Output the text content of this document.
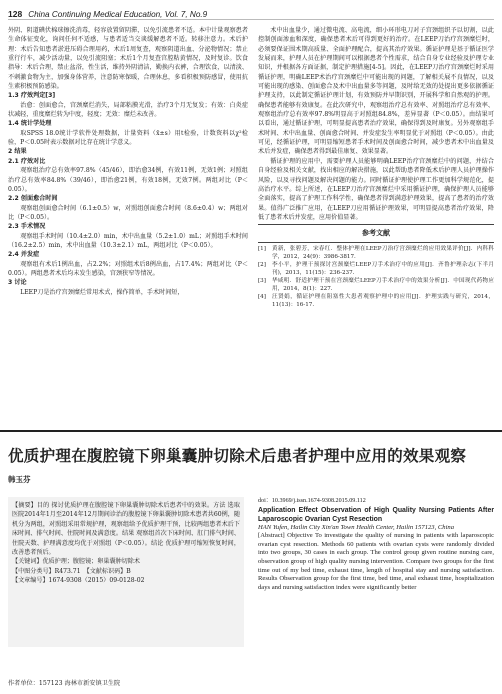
128 China Continuing Medical Education, Vol. 7, No.9

外阴、阴道碘伏棉球擦洗消毒，轻容放置留阴滞，以免引流患者不适。本中计量观察患者生命体征变化，询问任何不适感，与患者适当交谈缓解患者不适。转移注意力。术后护理：术后告知患者淤进压碍合理用药，术后1周复查，观察阴道出血、分泌物情况；禁止重行行车，减少活动量，以免引流阻塞；术后1个月复查宫腔粘黄情况，及时复诊。饮食指导：术后合理，禁止盆浴，性生活，维持外阴清洁，勤换内衣裤，合理饮食，以清淡、不刺激食物为主，加强身体营养，注意防寒保暖，合理休息，多看积极预防感冒，使用抗生素积极预防感染。

1.3 疗效判定[3]

治愈：创面愈合，宫颈糜烂消失，局部粘膜光滑，治疗3个月无复发；有效：白炎症状减轻，重度糜烂转为中度，轻度；无效：糜烂未改善。

1.4 统计学处理

取SPSS 18.0统计学软件处理数据，计量资料（x̄±s）用t检验，计数资料以χ²检验，P＜0.05时表示数据对比存在统计学意义。

2 结果

2.1 疗效对比

观察组治疗总有效率97.8%（45/46），即治愈34例，有效11例，无效1例；对照组治疗总有效率84.8%（39/46），即治愈21例，有效18例，无效7例。两组对比（P＜0.05）。

2.2 创面愈合时间

观察组创面愈合时间（6.1±0.5）w，对照组创面愈合时间（8.6±0.4）w；两组对比（P＜0.05）。

2.3 手术情况

观察组手术时间（10.4±2.0）min，术中出血量（5.2±1.0）mL；对照组手术时间（16.2±2.5）min，术中出血量（10.3±2.1）mL，两组对比（P＜0.05）。

2.4 并发症

观察组有术后1例出血，占2.2%；对照组术后8例出血，占17.4%；两组对比（P＜0.05）。两组患者术后均未发生感染，宫颈狭窄等情况。

3 讨论

LEEP刀是治疗宫颈糜烂常用术式，操作简单，手术时间短，

术中出血量少，通过微电流、高电流，细小环形电刀对子宫颈组织予以切割，以此控制创面渗血和深度，确保患者术后可得到更好的治疗。在LEEP刀治疗宫颈糜烂时，必须要保证围术期高质量、全面护理配合，提高其治疗效果。循证护理是基于循证医学发展而来，护理人员在护理期间可以根据患者个性需求，结合自身专业经验及护理专业知识，并根据各方面证据，制定护理措施[4-5]。因此，在LEEP刀治疗宫颈糜烂时采用循证护理，明确LEEP术治疗宫颈糜烂中可能出现的问题，了解相关展不良情况，以及可能出现的感染、创面愈合及术中出血量多等问题，及时给无效的处提出更多依据循证护理支持，以此制定循证护理计划，有效预防并早期识别，开展科学和自然观的护理。确保患者能够有效康复。在此次研究中，观察组治疗总有效率、对照组治疗总有效率、观察组治疗总有效率97.8%明显高于对照组84.8%，差异显著（P＜0.05）。由结果可以看出，通过循证护理，可明显提高患者治疗效果，确保得到及时康复。另外观察组手术时间、术中出血量、创面愈合时间、并发症发生率明显优于对照组（P＜0.05）。由此可见，经循证护理，可明显缩短患者手术时间及创面愈合时间，减少患者术中出血量及术后并发症，确保患者得到最佳康复、效果显著。

循证护理的应用中，需要护理人员能够明确LEEP治疗宫颈糜烂中的问题，并结合自身经验及相关文献，找出相应的解决措施，以此帮助患者降低术后护理人员护理操作风险，以及寻找问题及解决问题的能力。同时循证护理使护理工作更加科学规范化，提高治疗水平。综上所述，在LEEP刀治疗宫颈糜烂中采用循证护理，确保护理人员能够全面落实，提高了护理工作科学性，确保患者得到满意护理效果，提高了患者的治疗效果。值得广泛推广应用，在LEEP刀应用循证护理效果，可明显提高患者治疗效果，降低了患者术后并发症，应用价值显著。

参考文献
[1]	黄新，张碧芳，宋春红．整体护理在LEEP刀治疗宫颈糜烂的应用效果评价[J]．内科科学，2012，24(9)：3986-3817.
[2]	李小平，护理干预探讨宫颈糜烂LEEP刀手术治疗中的应用[J]．齐鲁护理杂志(下半月刊)，2013，11(15)：236-237.
[3]	华咸明．舒适护理干预在宫颈糜烂LEEP刀手术治疗中的效果分析[J]．中国现代药物应用，2014，8(1)：227.
[4]	汪贤娟，循证护理在阻塞性大患者观察护理中的应用[J]．护理实践与研究，2014，11(13)：16-17.
优质护理在腹腔镜下卵巢囊肿切除术后患者护理中应用的效果观察
韩玉芬
【摘要】目的 探讨优质护理在腹腔镜下卵巢囊肿切除术后患者中的效果。方法 选取医院2014年1月至2014年12月期间诊治的腹腔镜下卵巢囊肿切除术患者共60例，随机分为两组，对照组采用常规护理，观察组给予优质护理干预，比较两组患者术后下床时间、排气时间、住院时间及满意度。结果 观察组首次下床时间、肛门排气时间、住院天数、护理满意度均优于对照组（P＜0.05）。结论 优质护理可缩短恢复时间，改善患者预后。
【关键词】优质护理；腹腔镜；卵巢囊肿切除术
【中图分类号】R473.71　【文献标识码】B
【文章编号】1674-9308（2015）09-0128-02
作者单位：157123 海林市新安镇卫生院
doi：10.3969/j.issn.1674-9308.2015.09.112
Application Effect Observation of High Quality Nursing Patients After Laparoscopic Ovarian Cyst Resection
HAN Yufen, Hailin City Xin'an Town Health Center, Hailin 157123, China
[Abstract] Objective To investigate the quality of nursing in patients with laparoscopic ovarian cyst resection. Methods 60 patients with ovarian cysts were randomly divided into two groups, 30 cases in each group. The control group given routine nursing care, observation group of high quality nursing intervention. Compare two groups for the first time out of my bed time, exhaust time, length of hospital stay and nursing satisfaction. Results Observation group for the first time, bed time, anal exhaust time, hospitalization days and nursing satisfaction index were significantly better
